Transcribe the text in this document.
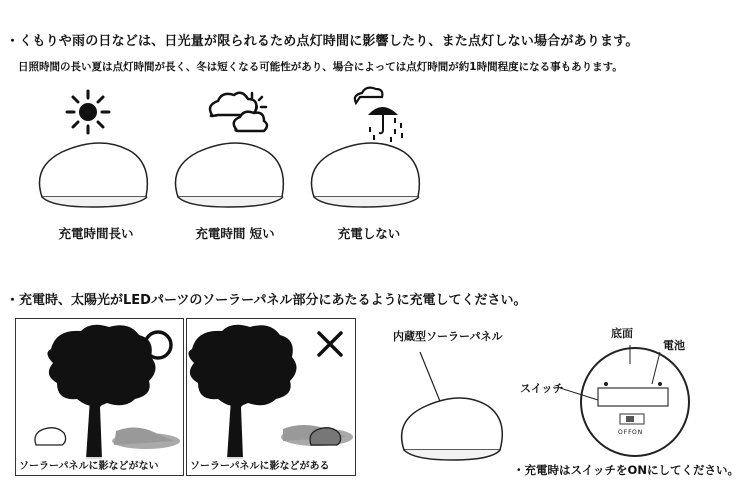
・くもりや雨の日などは、日光量が限られるため点灯時間に影響したり、また点灯しない場合があります。
日照時間の長い夏は点灯時間が長く、冬は短くなる可能性があり、場合によっては点灯時間が約1時間程度になる事もあります。
充電時間長い	充電時間 短い	充電しない
・充電時、太陽光がLEDパーツのソーラーパネル部分にあたるように充電してください。
ソーラーパネルに影などがない	ソーラーパネルに影などがある
内蔵型ソーラーパネル	底面
電池
スイッチ
OFF ON
・充電時はスイッチをONにしてください。
